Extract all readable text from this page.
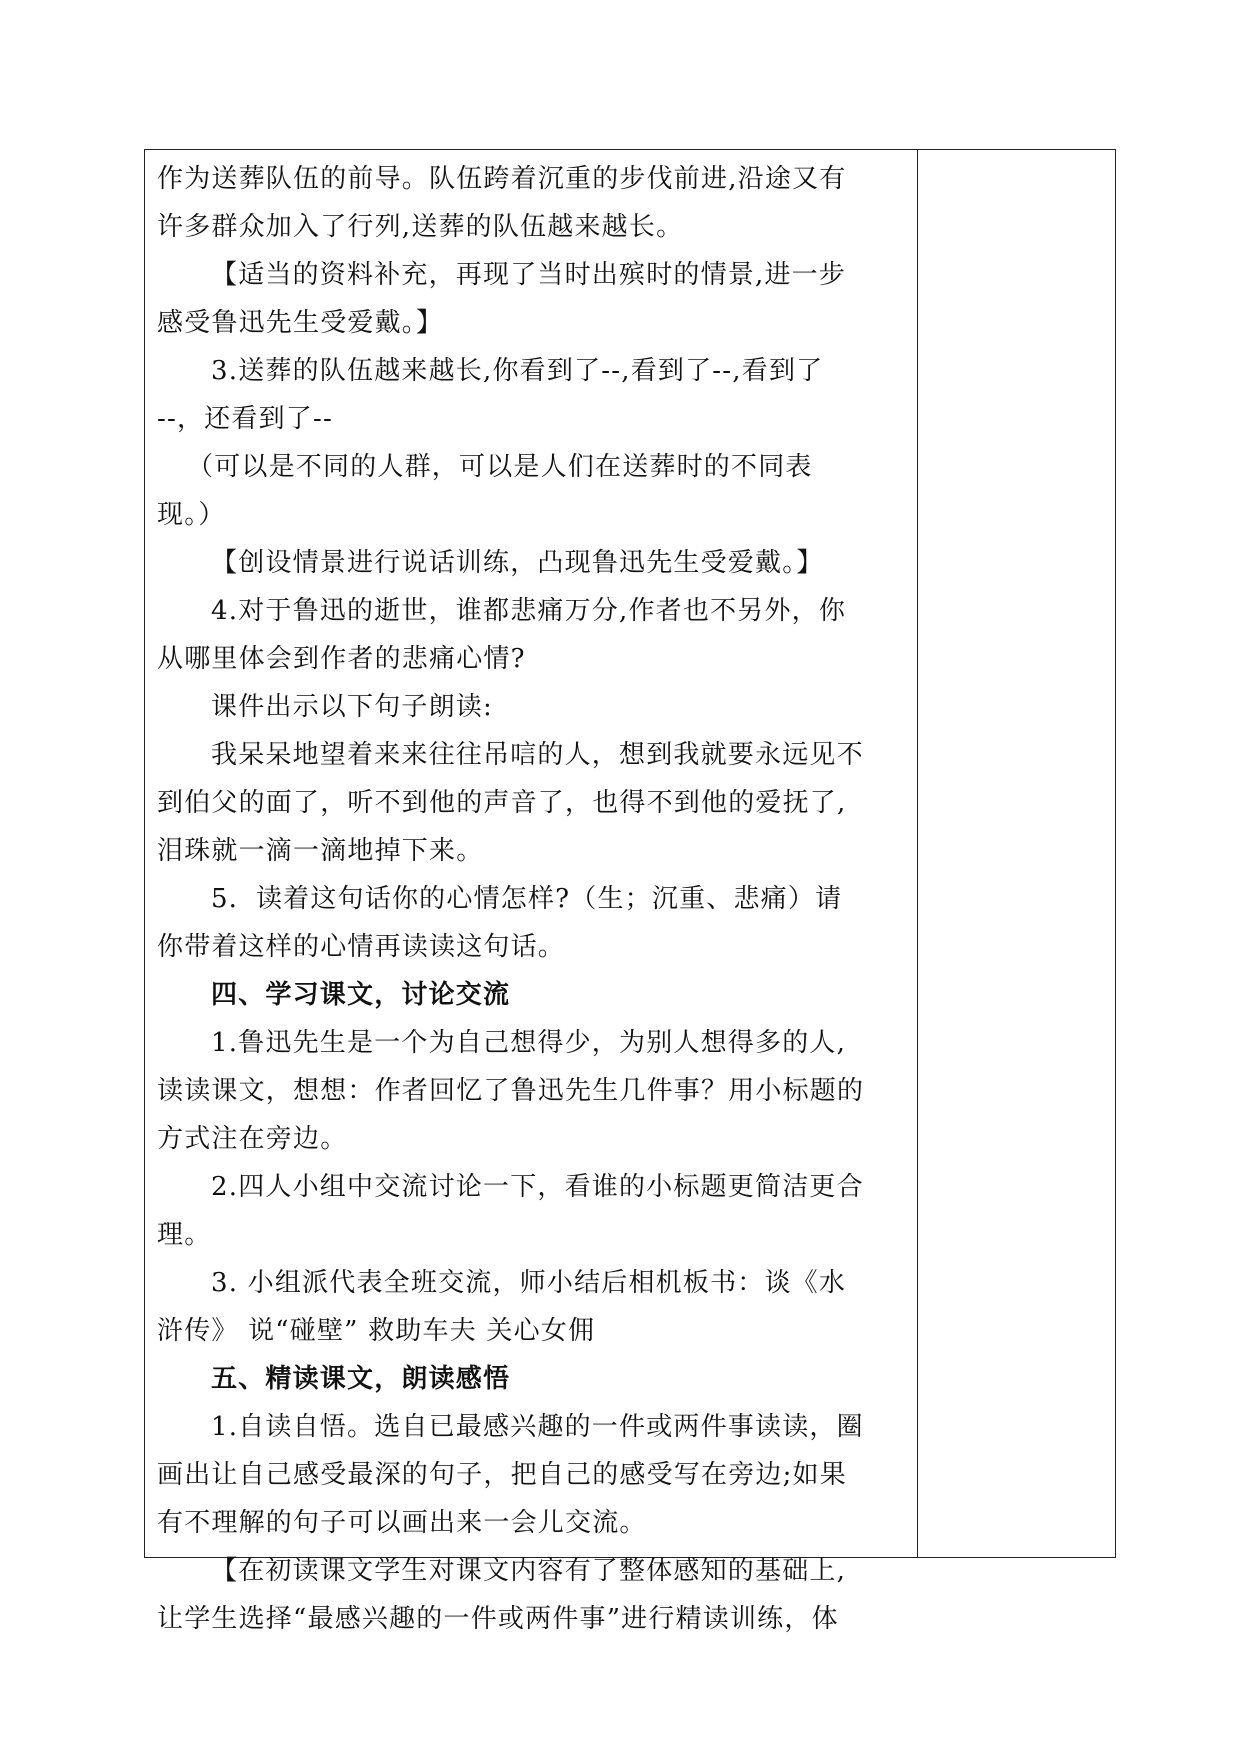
作为送葬队伍的前导。队伍跨着沉重的步伐前进,沿途又有
许多群众加入了行列,送葬的队伍越来越长。
【适当的资料补充，再现了当时出殡时的情景,进一步
感受鲁迅先生受爱戴。】
3.送葬的队伍越来越长,你看到了--,看到了--,看到了
--，还看到了--
（可以是不同的人群，可以是人们在送葬时的不同表
现。）
【创设情景进行说话训练，凸现鲁迅先生受爱戴。】
4.对于鲁迅的逝世，谁都悲痛万分,作者也不另外，你
从哪里体会到作者的悲痛心情?
课件出示以下句子朗读:
我呆呆地望着来来往往吊唁的人，想到我就要永远见不
到伯父的面了，听不到他的声音了，也得不到他的爱抚了,
泪珠就一滴一滴地掉下来。
5．读着这句话你的心情怎样?（生；沉重、悲痛）请
你带着这样的心情再读读这句话。
四、学习课文，讨论交流
1.鲁迅先生是一个为自己想得少，为别人想得多的人,
读读课文，想想：作者回忆了鲁迅先生几件事？用小标题的
方式注在旁边。
2.四人小组中交流讨论一下，看谁的小标题更简洁更合
理。
3. 小组派代表全班交流，师小结后相机板书：谈《水
浒传》 说“碰壁” 救助车夫 关心女佣
五、精读课文，朗读感悟
1.自读自悟。选自已最感兴趣的一件或两件事读读，圈
画出让自己感受最深的句子，把自己的感受写在旁边;如果
有不理解的句子可以画出来一会儿交流。
【在初读课文学生对课文内容有了整体感知的基础上,
让学生选择“最感兴趣的一件或两件事”进行精读训练，体
